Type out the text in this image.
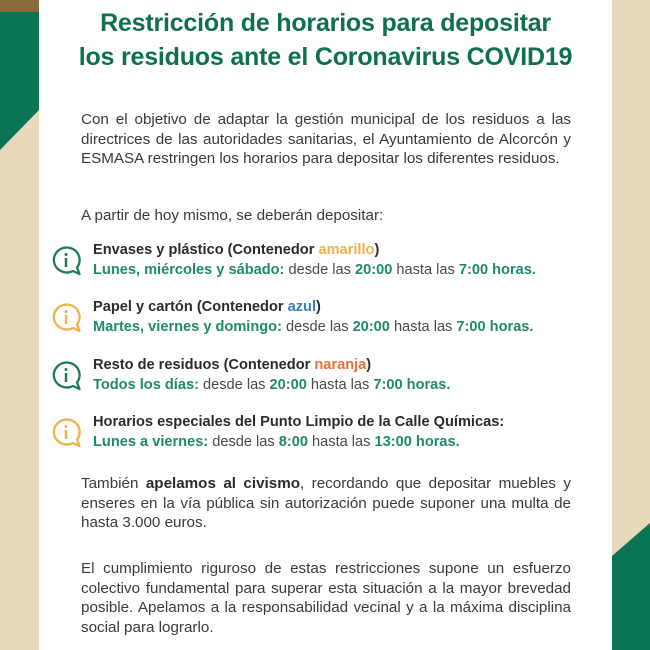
Restricción de horarios para depositar
los residuos ante el Coronavirus COVID19
Con el objetivo de adaptar la gestión municipal de los residuos a las directrices de las autoridades sanitarias, el Ayuntamiento de Alcorcón y ESMASA restringen los horarios para depositar los diferentes residuos.
A partir de hoy mismo, se deberán depositar:
Envases y plástico (Contenedor amarillo)
Lunes, miércoles y sábado: desde las 20:00 hasta las 7:00 horas.
Papel y cartón (Contenedor azul)
Martes, viernes y domingo: desde las 20:00 hasta las 7:00 horas.
Resto de residuos (Contenedor naranja)
Todos los días: desde las 20:00 hasta las 7:00 horas.
Horarios especiales del Punto Limpio de la Calle Químicas:
Lunes a viernes: desde las 8:00 hasta las 13:00 horas.
También apelamos al civismo, recordando que depositar muebles y enseres en la vía pública sin autorización puede suponer una multa de hasta 3.000 euros.
El cumplimiento riguroso de estas restricciones supone un esfuerzo colectivo fundamental para superar esta situación a la mayor brevedad posible. Apelamos a la responsabilidad vecinal y a la máxima disciplina social para lograrlo.
